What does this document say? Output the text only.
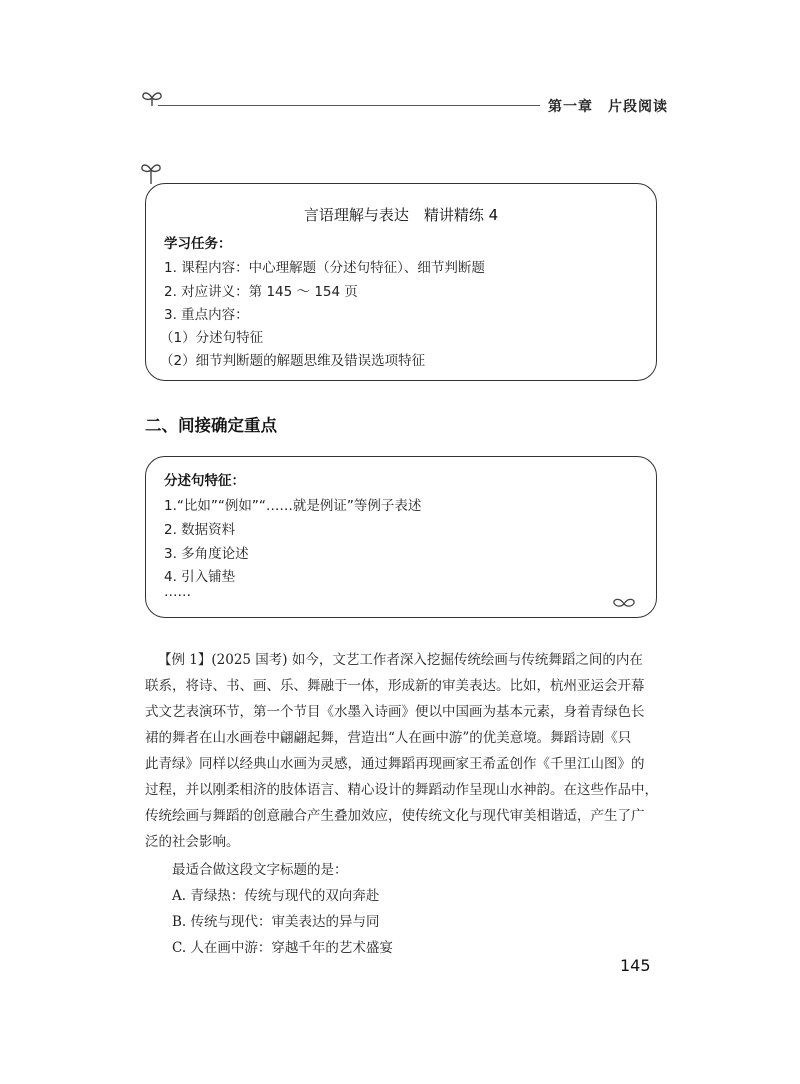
第一章　片段阅读
言语理解与表达　精讲精练 4
学习任务：
1. 课程内容：中心理解题（分述句特征）、细节判断题
2. 对应讲义：第 145 ～ 154 页
3. 重点内容：
（1）分述句特征
（2）细节判断题的解题思维及错误选项特征
二、间接确定重点
分述句特征：
1.“比如”“例如”“……就是例证”等例子表述
2. 数据资料
3. 多角度论述
4. 引入铺垫
……
【例 1】(2025 国考) 如今，文艺工作者深入挖掘传统绘画与传统舞蹈之间的内在
联系，将诗、书、画、乐、舞融于一体，形成新的审美表达。比如，杭州亚运会开幕
式文艺表演环节，第一个节目《水墨入诗画》便以中国画为基本元素，身着青绿色长
裙的舞者在山水画卷中翩翩起舞，营造出“人在画中游”的优美意境。舞蹈诗剧《只
此青绿》同样以经典山水画为灵感，通过舞蹈再现画家王希孟创作《千里江山图》的
过程，并以刚柔相济的肢体语言、精心设计的舞蹈动作呈现山水神韵。在这些作品中，
传统绘画与舞蹈的创意融合产生叠加效应，使传统文化与现代审美相谐适，产生了广
泛的社会影响。
最适合做这段文字标题的是：
A. 青绿热：传统与现代的双向奔赴
B. 传统与现代：审美表达的异与同
C. 人在画中游：穿越千年的艺术盛宴
145
